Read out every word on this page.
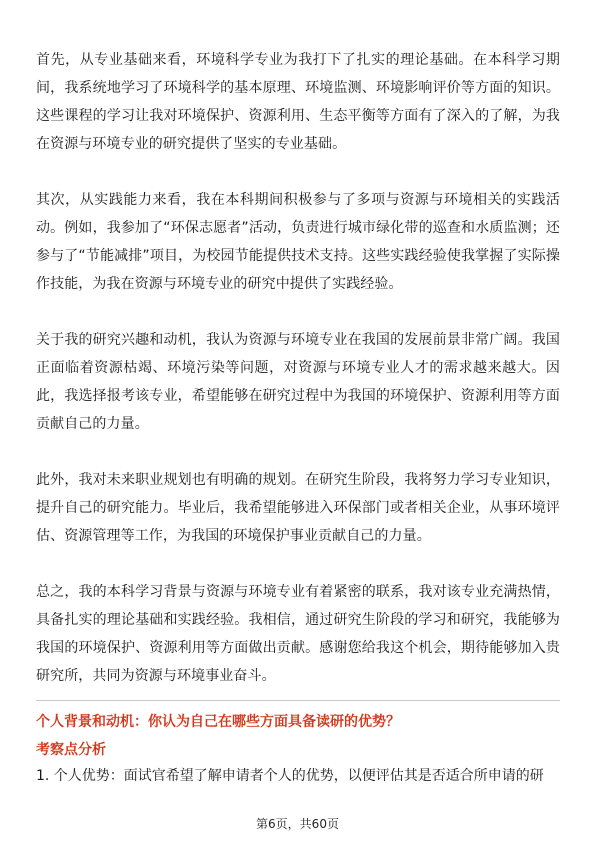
首先，从专业基础来看，环境科学专业为我打下了扎实的理论基础。在本科学习期间，我系统地学习了环境科学的基本原理、环境监测、环境影响评价等方面的知识。这些课程的学习让我对环境保护、资源利用、生态平衡等方面有了深入的了解，为我在资源与环境专业的研究提供了坚实的专业基础。

其次，从实践能力来看，我在本科期间积极参与了多项与资源与环境相关的实践活动。例如，我参加了“环保志愿者”活动，负责进行城市绿化带的巡查和水质监测；还参与了“节能减排”项目，为校园节能提供技术支持。这些实践经验使我掌握了实际操作技能，为我在资源与环境专业的研究中提供了实践经验。

关于我的研究兴趣和动机，我认为资源与环境专业在我国的发展前景非常广阔。我国正面临着资源枯竭、环境污染等问题，对资源与环境专业人才的需求越来越大。因此，我选择报考该专业，希望能够在研究过程中为我国的环境保护、资源利用等方面贡献自己的力量。

此外，我对未来职业规划也有明确的规划。在研究生阶段，我将努力学习专业知识，提升自己的研究能力。毕业后，我希望能够进入环保部门或者相关企业，从事环境评估、资源管理等工作，为我国的环境保护事业贡献自己的力量。

总之，我的本科学习背景与资源与环境专业有着紧密的联系，我对该专业充满热情，具备扎实的理论基础和实践经验。我相信，通过研究生阶段的学习和研究，我能够为我国的环境保护、资源利用等方面做出贡献。感谢您给我这个机会，期待能够加入贵研究所，共同为资源与环境事业奋斗。

个人背景和动机：你认为自己在哪些方面具备读研的优势？

考察点分析

1. 个人优势：面试官希望了解申请者个人的优势，以便评估其是否适合所申请的研

第6页，共60页
